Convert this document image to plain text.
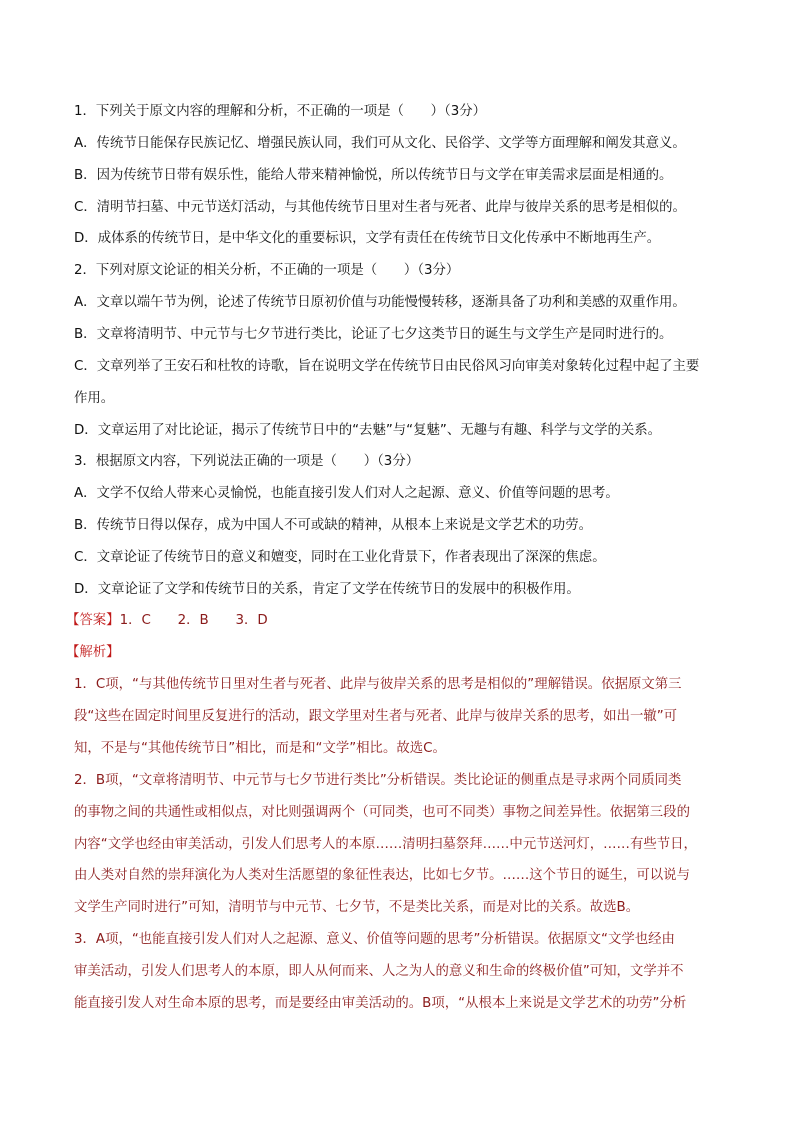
1．下列关于原文内容的理解和分析，不正确的一项是（　　）（3分）
A．传统节日能保存民族记忆、增强民族认同，我们可从文化、民俗学、文学等方面理解和阐发其意义。
B．因为传统节日带有娱乐性，能给人带来精神愉悦，所以传统节日与文学在审美需求层面是相通的。
C．清明节扫墓、中元节送灯活动，与其他传统节日里对生者与死者、此岸与彼岸关系的思考是相似的。
D．成体系的传统节日，是中华文化的重要标识，文学有责任在传统节日文化传承中不断地再生产。
2．下列对原文论证的相关分析，不正确的一项是（　　）（3分）
A．文章以端午节为例，论述了传统节日原初价值与功能慢慢转移，逐渐具备了功利和美感的双重作用。
B．文章将清明节、中元节与七夕节进行类比，论证了七夕这类节日的诞生与文学生产是同时进行的。
C．文章列举了王安石和杜牧的诗歌，旨在说明文学在传统节日由民俗风习向审美对象转化过程中起了主要
作用。
D．文章运用了对比论证，揭示了传统节日中的“去魅”与“复魅”、无趣与有趣、科学与文学的关系。
3．根据原文内容，下列说法正确的一项是（　　）（3分）
A．文学不仅给人带来心灵愉悦，也能直接引发人们对人之起源、意义、价值等问题的思考。
B．传统节日得以保存，成为中国人不可或缺的精神，从根本上来说是文学艺术的功劳。
C．文章论证了传统节日的意义和嬗变，同时在工业化背景下，作者表现出了深深的焦虑。
D．文章论证了文学和传统节日的关系，肯定了文学在传统节日的发展中的积极作用。
【答案】1．C　　2．B　　3．D
【解析】
1．C项，“与其他传统节日里对生者与死者、此岸与彼岸关系的思考是相似的”理解错误。依据原文第三
段“这些在固定时间里反复进行的活动，跟文学里对生者与死者、此岸与彼岸关系的思考，如出一辙”可
知，不是与“其他传统节日”相比，而是和“文学”相比。故选C。
2．B项，“文章将清明节、中元节与七夕节进行类比”分析错误。类比论证的侧重点是寻求两个同质同类
的事物之间的共通性或相似点，对比则强调两个（可同类，也可不同类）事物之间差异性。依据第三段的
内容“文学也经由审美活动，引发人们思考人的本原……清明扫墓祭拜……中元节送河灯，……有些节日，
由人类对自然的崇拜演化为人类对生活愿望的象征性表达，比如七夕节。……这个节日的诞生，可以说与
文学生产同时进行”可知，清明节与中元节、七夕节，不是类比关系，而是对比的关系。故选B。
3．A项，“也能直接引发人们对人之起源、意义、价值等问题的思考”分析错误。依据原文“文学也经由
审美活动，引发人们思考人的本原，即人从何而来、人之为人的意义和生命的终极价值”可知，文学并不
能直接引发人对生命本原的思考，而是要经由审美活动的。B项，“从根本上来说是文学艺术的功劳”分析
